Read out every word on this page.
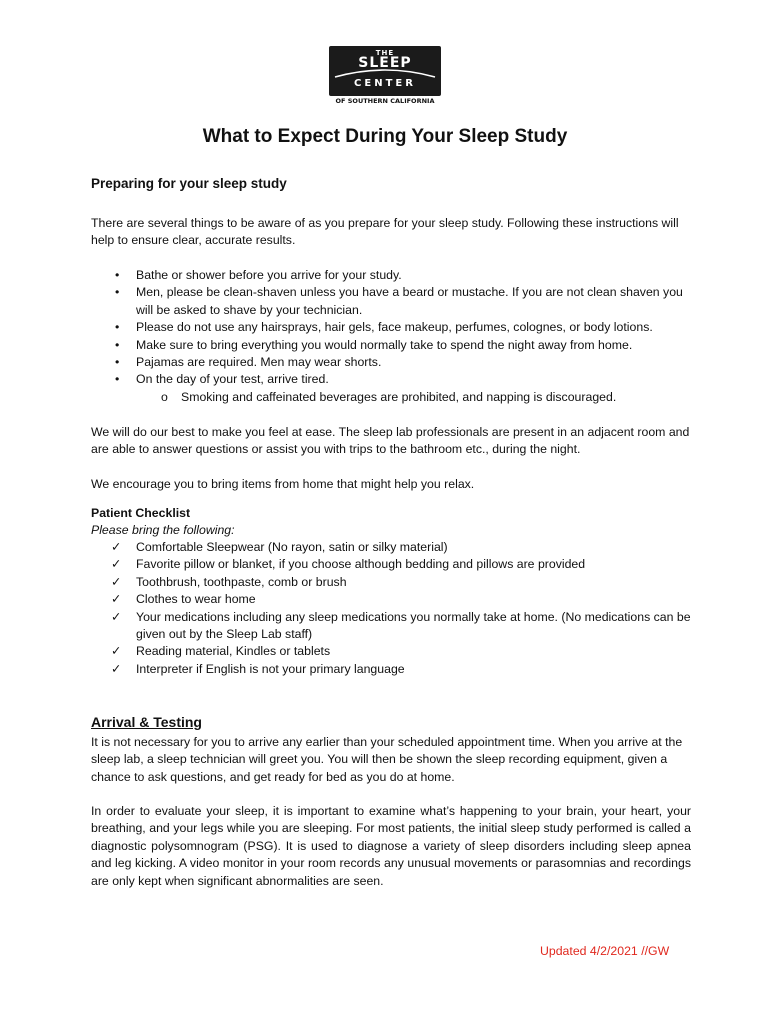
THE
SLEEP
CENTER
OF SOUTHERN CALIFORNIA
What to Expect During Your Sleep Study
Preparing for your sleep study
There are several things to be aware of as you prepare for your sleep study. Following these instructions will help to ensure clear, accurate results.
• Bathe or shower before you arrive for your study.
• Men, please be clean-shaven unless you have a beard or mustache. If you are not clean shaven you will be asked to shave by your technician.
• Please do not use any hairsprays, hair gels, face makeup, perfumes, colognes, or body lotions.
• Make sure to bring everything you would normally take to spend the night away from home.
• Pajamas are required. Men may wear shorts.
• On the day of your test, arrive tired.
o Smoking and caffeinated beverages are prohibited, and napping is discouraged.
We will do our best to make you feel at ease. The sleep lab professionals are present in an adjacent room and are able to answer questions or assist you with trips to the bathroom etc., during the night.
We encourage you to bring items from home that might help you relax.
Patient Checklist
Please bring the following:
✓ Comfortable Sleepwear (No rayon, satin or silky material)
✓ Favorite pillow or blanket, if you choose although bedding and pillows are provided
✓ Toothbrush, toothpaste, comb or brush
✓ Clothes to wear home
✓ Your medications including any sleep medications you normally take at home. (No medications can be given out by the Sleep Lab staff)
✓ Reading material, Kindles or tablets
✓ Interpreter if English is not your primary language
Arrival & Testing
It is not necessary for you to arrive any earlier than your scheduled appointment time. When you arrive at the sleep lab, a sleep technician will greet you. You will then be shown the sleep recording equipment, given a chance to ask questions, and get ready for bed as you do at home.
In order to evaluate your sleep, it is important to examine what’s happening to your brain, your heart, your breathing, and your legs while you are sleeping. For most patients, the initial sleep study performed is called a diagnostic polysomnogram (PSG). It is used to diagnose a variety of sleep disorders including sleep apnea and leg kicking. A video monitor in your room records any unusual movements or parasomnias and recordings are only kept when significant abnormalities are seen.
Updated 4/2/2021 //GW
